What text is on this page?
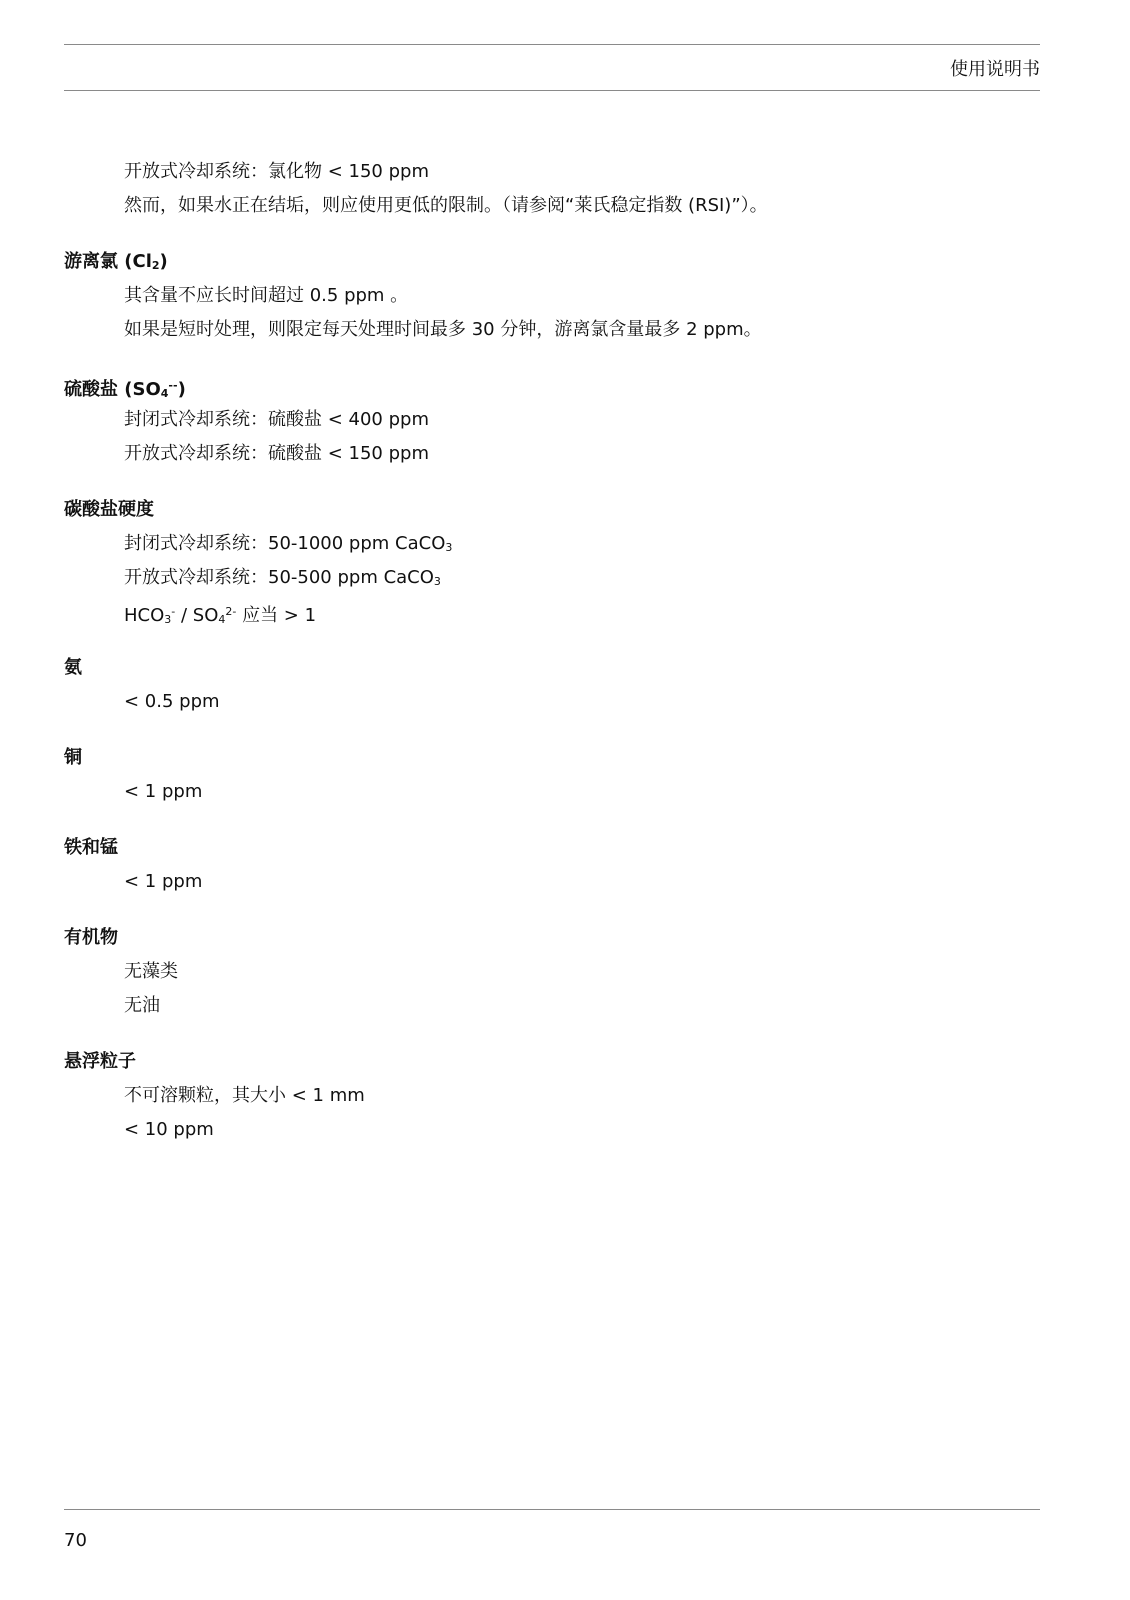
使用说明书
开放式冷却系统：氯化物 < 150 ppm
然而，如果水正在结垢，则应使用更低的限制。（请参阅“莱氏稳定指数 (RSI)”）。
游离氯 $(Cl_2)$
其含量不应长时间超过 0.5 ppm 。
如果是短时处理，则限定每天处理时间最多 30 分钟，游离氯含量最多 2 ppm。
硫酸盐 $(SO_4^{--})$
封闭式冷却系统：硫酸盐 < 400 ppm
开放式冷却系统：硫酸盐 < 150 ppm
碳酸盐硬度
封闭式冷却系统：50-1000 ppm CaCO$_3$
开放式冷却系统：50-500 ppm CaCO$_3$
$HCO_3^- / SO_4^{2-}$ 应当 > 1
氨
< 0.5 ppm
铜
< 1 ppm
铁和锰
< 1 ppm
有机物
无藻类
无油
悬浮粒子
不可溶颗粒，其大小 < 1 mm
< 10 ppm
70
